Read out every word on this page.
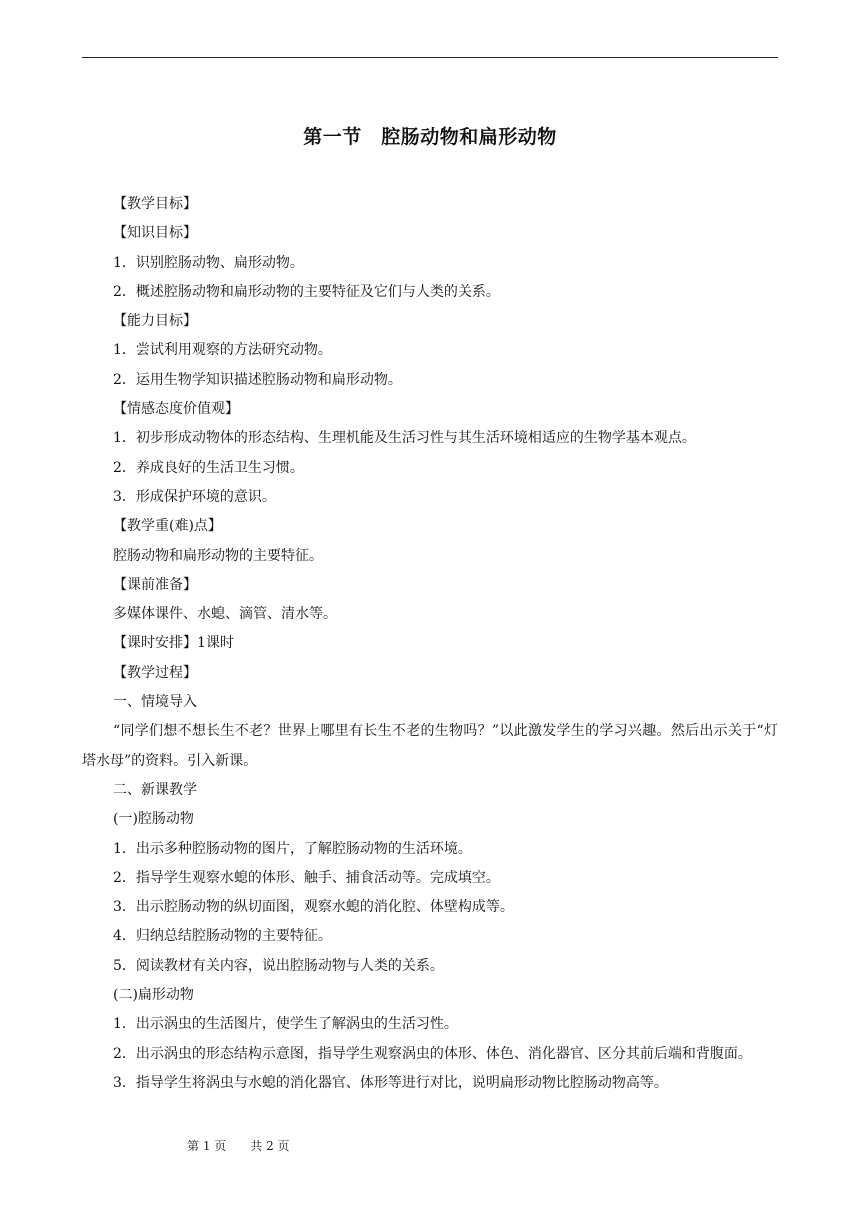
第一节　腔肠动物和扁形动物
【教学目标】
【知识目标】
1．识别腔肠动物、扁形动物。
2．概述腔肠动物和扁形动物的主要特征及它们与人类的关系。
【能力目标】
1．尝试利用观察的方法研究动物。
2．运用生物学知识描述腔肠动物和扁形动物。
【情感态度价值观】
1．初步形成动物体的形态结构、生理机能及生活习性与其生活环境相适应的生物学基本观点。
2．养成良好的生活卫生习惯。
3．形成保护环境的意识。
【教学重(难)点】
腔肠动物和扁形动物的主要特征。
【课前准备】
多媒体课件、水螅、滴管、清水等。
【课时安排】1课时
【教学过程】
一、情境导入
“同学们想不想长生不老？世界上哪里有长生不老的生物吗？”以此激发学生的学习兴趣。然后出示关于“灯塔水母”的资料。引入新课。
二、新课教学
(一)腔肠动物
1．出示多种腔肠动物的图片，了解腔肠动物的生活环境。
2．指导学生观察水螅的体形、触手、捕食活动等。完成填空。
3．出示腔肠动物的纵切面图，观察水螅的消化腔、体壁构成等。
4．归纳总结腔肠动物的主要特征。
5．阅读教材有关内容，说出腔肠动物与人类的关系。
(二)扁形动物
1．出示涡虫的生活图片，使学生了解涡虫的生活习性。
2．出示涡虫的形态结构示意图，指导学生观察涡虫的体形、体色、消化器官、区分其前后端和背腹面。
3．指导学生将涡虫与水螅的消化器官、体形等进行对比，说明扁形动物比腔肠动物高等。
第 1 页　　共 2 页
